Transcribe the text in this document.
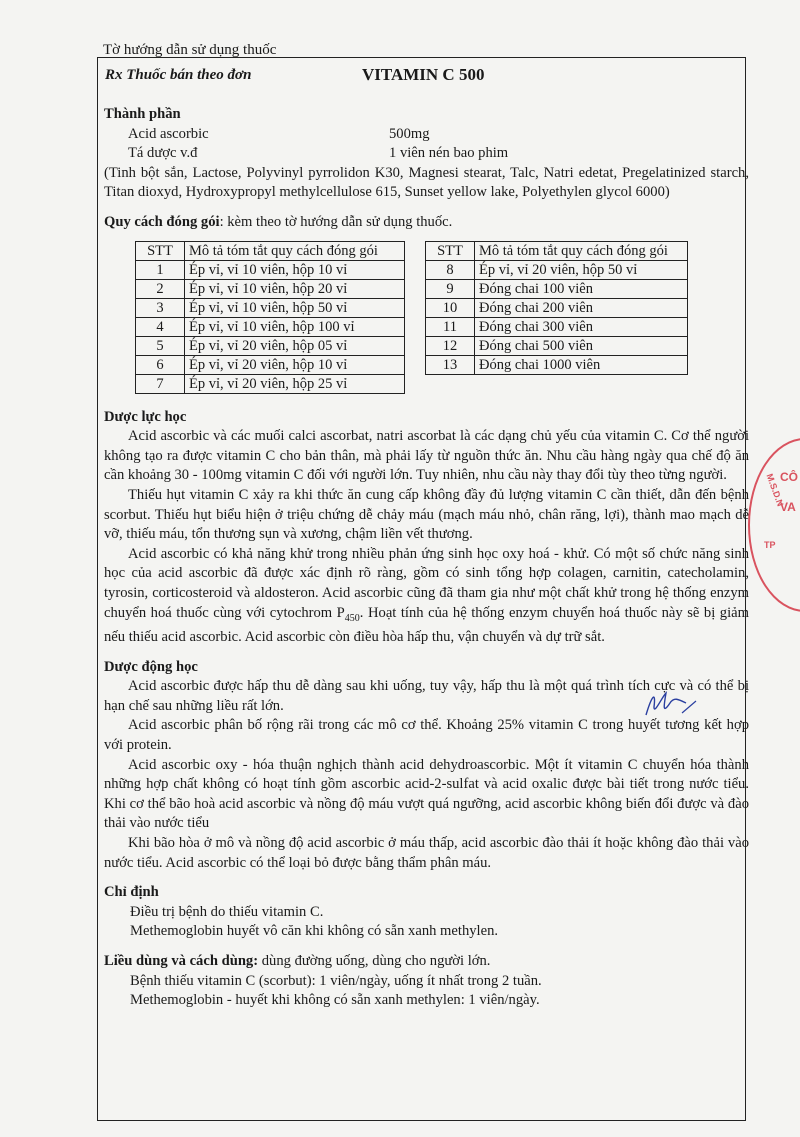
Tờ hướng dẫn sử dụng thuốc
Rx Thuốc bán theo đơn	VITAMIN C 500

Thành phần

Acid ascorbic	500mg
Tá dược v.đ	1 viên nén bao phim

(Tinh bột sắn, Lactose, Polyvinyl pyrrolidon K30, Magnesi stearat, Talc, Natri edetat, Pregelatinized starch, Titan dioxyd, Hydroxypropyl methylcellulose 615, Sunset yellow lake, Polyethylen glycol 6000)

Quy cách đóng gói: kèm theo tờ hướng dẫn sử dụng thuốc.

STT	Mô tả tóm tắt quy cách đóng gói
1	Ép vỉ, vỉ 10 viên, hộp 10 vỉ
2	Ép vỉ, vỉ 10 viên, hộp 20 vỉ
3	Ép vỉ, vỉ 10 viên, hộp 50 vỉ
4	Ép vỉ, vỉ 10 viên, hộp 100 vỉ
5	Ép vỉ, vỉ 20 viên, hộp 05 vỉ
6	Ép vỉ, vỉ 20 viên, hộp 10 vỉ
7	Ép vỉ, vỉ 20 viên, hộp 25 vỉ
STT	Mô tả tóm tắt quy cách đóng gói
8	Ép vỉ, vỉ 20 viên, hộp 50 vỉ
9	Đóng chai 100 viên
10	Đóng chai 200 viên
11	Đóng chai 300 viên
12	Đóng chai 500 viên
13	Đóng chai 1000 viên

Dược lực học

Acid ascorbic và các muối calci ascorbat, natri ascorbat là các dạng chủ yếu của vitamin C. Cơ thể người không tạo ra được vitamin C cho bản thân, mà phải lấy từ nguồn thức ăn. Nhu cầu hàng ngày qua chế độ ăn cần khoảng 30 - 100mg vitamin C đối với người lớn. Tuy nhiên, nhu cầu này thay đổi tùy theo từng người.

Thiếu hụt vitamin C xảy ra khi thức ăn cung cấp không đầy đủ lượng vitamin C cần thiết, dẫn đến bệnh scorbut. Thiếu hụt biểu hiện ở triệu chứng dễ chảy máu (mạch máu nhỏ, chân răng, lợi), thành mao mạch dễ vỡ, thiếu máu, tổn thương sụn và xương, chậm liền vết thương.

Acid ascorbic có khả năng khử trong nhiều phản ứng sinh học oxy hoá - khử. Có một số chức năng sinh học của acid ascorbic đã được xác định rõ ràng, gồm có sinh tổng hợp colagen, carnitin, catecholamin, tyrosin, corticosteroid và aldosteron. Acid ascorbic cũng đã tham gia như một chất khử trong hệ thống enzym chuyển hoá thuốc cùng với cytochrom $P_{450}$. Hoạt tính của hệ thống enzym chuyển hoá thuốc này sẽ bị giảm nếu thiếu acid ascorbic. Acid ascorbic còn điều hòa hấp thu, vận chuyển và dự trữ sắt.

Dược động học

Acid ascorbic được hấp thu dễ dàng sau khi uống, tuy vậy, hấp thu là một quá trình tích cực và có thể bị hạn chế sau những liều rất lớn.

Acid ascorbic phân bố rộng rãi trong các mô cơ thể. Khoảng 25% vitamin C trong huyết tương kết hợp với protein.

Acid ascorbic oxy - hóa thuận nghịch thành acid dehydroascorbic. Một ít vitamin C chuyển hóa thành những hợp chất không có hoạt tính gồm ascorbic acid-2-sulfat và acid oxalic được bài tiết trong nước tiểu. Khi cơ thể bão hoà acid ascorbic và nồng độ máu vượt quá ngưỡng, acid ascorbic không biến đổi được và đào thải vào nước tiểu

Khi bão hòa ở mô và nồng độ acid ascorbic ở máu thấp, acid ascorbic đào thải ít hoặc không đào thải vào nước tiểu. Acid ascorbic có thể loại bỏ được bằng thẩm phân máu.

Chỉ định

Điều trị bệnh do thiếu vitamin C.

Methemoglobin huyết vô căn khi không có sẵn xanh methylen.

Liều dùng và cách dùng: dùng đường uống, dùng cho người lớn.

Bệnh thiếu vitamin C (scorbut): 1 viên/ngày, uống ít nhất trong 2 tuần.

Methemoglobin - huyết khi không có sẵn xanh methylen: 1 viên/ngày.

CÔ
VA
M.S.D.N
TP
